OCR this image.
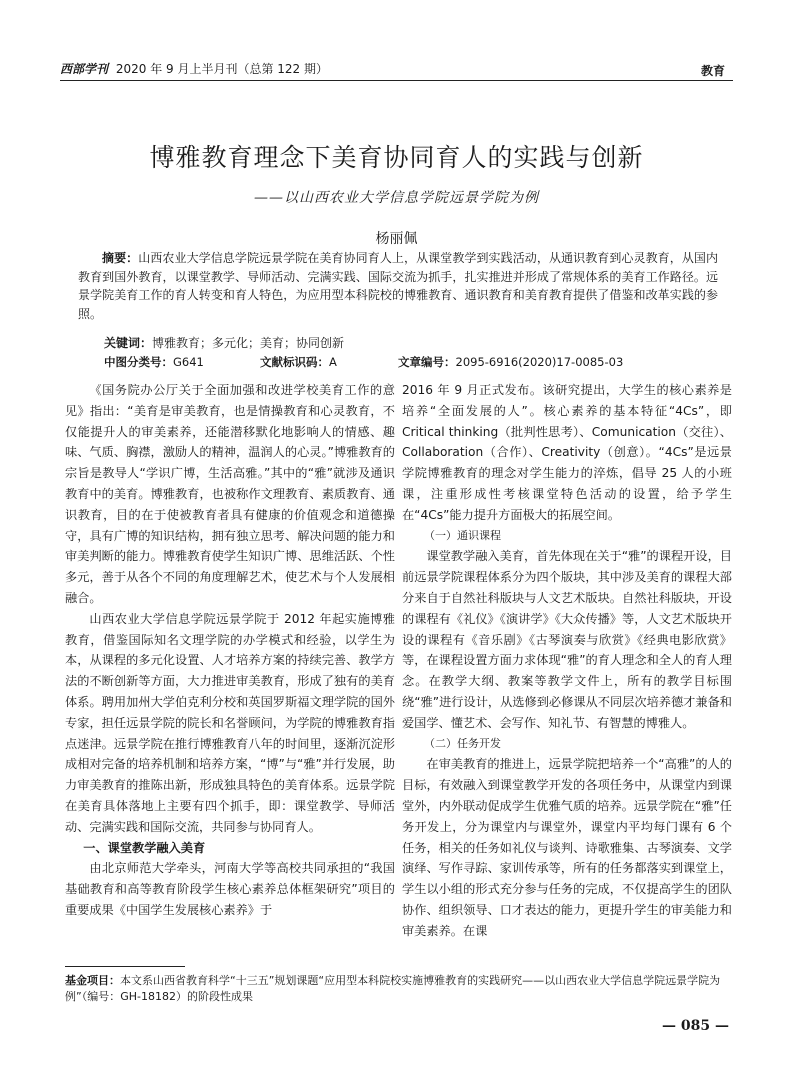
西部学刊 2020 年 9 月上半月刊（总第 122 期）	教育
博雅教育理念下美育协同育人的实践与创新
——以山西农业大学信息学院远景学院为例
杨丽佩
摘要：山西农业大学信息学院远景学院在美育协同育人上，从课堂教学到实践活动，从通识教育到心灵教育，从国内教育到国外教育，以课堂教学、导师活动、完满实践、国际交流为抓手，扎实推进并形成了常规体系的美育工作路径。远景学院美育工作的育人转变和育人特色，为应用型本科院校的博雅教育、通识教育和美育教育提供了借鉴和改革实践的参照。
关键词：博雅教育；多元化；美育；协同创新
中图分类号：G641	文献标识码：A	文章编号：2095-6916(2020)17-0085-03

《国务院办公厅关于全面加强和改进学校美育工作的意见》指出：“美育是审美教育，也是情操教育和心灵教育，不仅能提升人的审美素养，还能潜移默化地影响人的情感、趣味、气质、胸襟，激励人的精神，温润人的心灵。”博雅教育的宗旨是教导人“学识广博，生活高雅。”其中的“雅”就涉及通识教育中的美育。博雅教育，也被称作文理教育、素质教育、通识教育，目的在于使被教育者具有健康的价值观念和道德操守，具有广博的知识结构，拥有独立思考、解决问题的能力和审美判断的能力。博雅教育使学生知识广博、思维活跃、个性多元，善于从各个不同的角度理解艺术，使艺术与个人发展相融合。

山西农业大学信息学院远景学院于 2012 年起实施博雅教育，借鉴国际知名文理学院的办学模式和经验，以学生为本，从课程的多元化设置、人才培养方案的持续完善、教学方法的不断创新等方面，大力推进审美教育，形成了独有的美育体系。聘用加州大学伯克利分校和英国罗斯福文理学院的国外专家，担任远景学院的院长和名誉顾问，为学院的博雅教育指点迷津。远景学院在推行博雅教育八年的时间里，逐渐沉淀形成相对完备的培养机制和培养方案，“博”与“雅”并行发展，助力审美教育的推陈出新，形成独具特色的美育体系。远景学院在美育具体落地上主要有四个抓手，即：课堂教学、导师活动、完满实践和国际交流，共同参与协同育人。

一、课堂教学融入美育

由北京师范大学牵头，河南大学等高校共同承担的“我国基础教育和高等教育阶段学生核心素养总体框架研究”项目的重要成果《中国学生发展核心素养》于

2016 年 9 月正式发布。该研究提出，大学生的核心素养是培养“全面发展的人”。核心素养的基本特征“4Cs”，即 Critical thinking（批判性思考）、Comunication（交往）、Collaboration（合作）、Creativity（创意）。“4Cs”是远景学院博雅教育的理念对学生能力的淬炼，倡导 25 人的小班课，注重形成性考核课堂特色活动的设置，给予学生在“4Cs”能力提升方面极大的拓展空间。

（一）通识课程

课堂教学融入美育，首先体现在关于“雅”的课程开设，目前远景学院课程体系分为四个版块，其中涉及美育的课程大部分来自于自然社科版块与人文艺术版块。自然社科版块，开设的课程有《礼仪》《演讲学》《大众传播》等，人文艺术版块开设的课程有《音乐剧》《古琴演奏与欣赏》《经典电影欣赏》等，在课程设置方面力求体现“雅”的育人理念和全人的育人理念。在教学大纲、教案等教学文件上，所有的教学目标围绕“雅”进行设计，从选修到必修课从不同层次培养德才兼备和爱国学、懂艺术、会写作、知礼节、有智慧的博雅人。

（二）任务开发

在审美教育的推进上，远景学院把培养一个“高雅”的人的目标，有效融入到课堂教学开发的各项任务中，从课堂内到课堂外，内外联动促成学生优雅气质的培养。远景学院在“雅”任务开发上，分为课堂内与课堂外，课堂内平均每门课有 6 个任务，相关的任务如礼仪与谈判、诗歌雅集、古琴演奏、文学演绎、写作寻踪、家训传承等，所有的任务都落实到课堂上，学生以小组的形式充分参与任务的完成，不仅提高学生的团队协作、组织领导、口才表达的能力，更提升学生的审美能力和审美素养。在课

基金项目：本文系山西省教育科学“十三五”规划课题“应用型本科院校实施博雅教育的实践研究——以山西农业大学信息学院远景学院为例”（编号：GH-18182）的阶段性成果
— 085 —
